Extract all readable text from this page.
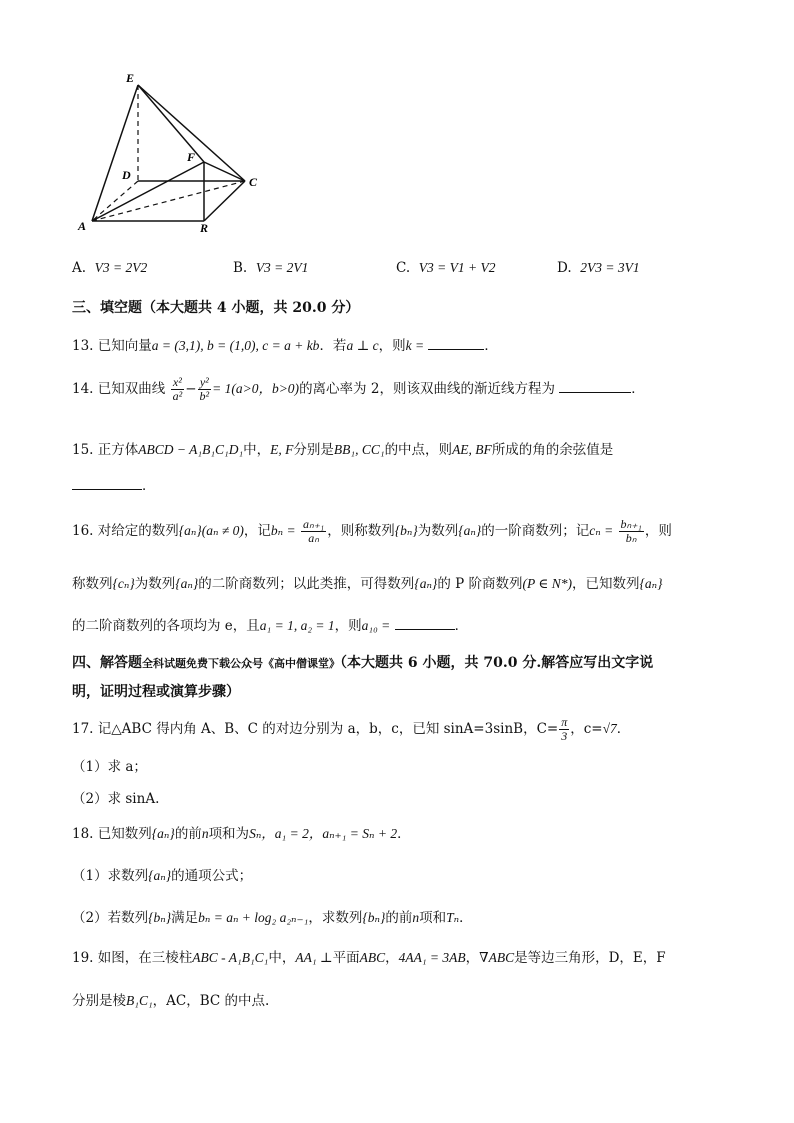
E
F
D	C
A	R
A. V3 = 2V2	B. V3 = 2V1	C. V3 = V1 + V2	D. 2V3 = 3V1
三、填空题（本大题共 4 小题，共 20.0 分）
13. 已知向量a = (3,1), b = (1,0), c = a + kb．若a ⊥ c，则k =	．
14. 已知双曲线 $\frac{\text{x²}}{\text{a²}} - \frac{\text{y²}}{\text{b²}} = 1(a>0$，b>0)的离心率为 2，则该双曲线的渐近线方程为	．
15. 正方体ABCD − A₁B₁C₁D₁中，E, F分别是BB₁, CC₁的中点，则AE, BF所成的角的余弦值是
．
16. 对给定的数列{aₙ}(aₙ ≠ 0)，记$b_n = \frac{\text{aₙ₊₁}}{\text{aₙ}}$ ，则称数列{bₙ}为数列{aₙ}的一阶商数列；记$c_n = \frac{\text{bₙ₊₁}}{\text{bₙ}}$ ，则
称数列{cₙ}为数列{aₙ}的二阶商数列；以此类推，可得数列{aₙ}的 P 阶商数列(P ∈ N*)，已知数列{aₙ}
的二阶商数列的各项均为 e，且a₁ = 1, a₂ = 1，则a₁₀ =	．
四、解答题全科试题免费下载公众号《高中僧课堂》（本大题共 6 小题，共 70.0 分.解答应写出文字说
明，证明过程或演算步骤）
17. 记△ABC 得内角 A、B、C 的对边分别为 a，b，c，已知 sinA=3sinB，$C= \frac{\pi}{3}$ ，c=√7．
（1）求 a；
（2）求 sinA.
18. 已知数列{aₙ}的前n项和为Sₙ，a₁ = 2，aₙ₊₁ = Sₙ + 2．
（1）求数列{aₙ}的通项公式；
（2）若数列{bₙ}满足bₙ = aₙ + log₂ a₂ₙ₋₁，求数列{bₙ}的前n项和Tₙ．
19. 如图，在三棱柱ABC - A₁B₁C₁中，AA₁ ⊥平面ABC，4AA₁ = 3AB，∇ABC是等边三角形，D，E，F
分别是棱B₁C₁，AC，BC 的中点.
